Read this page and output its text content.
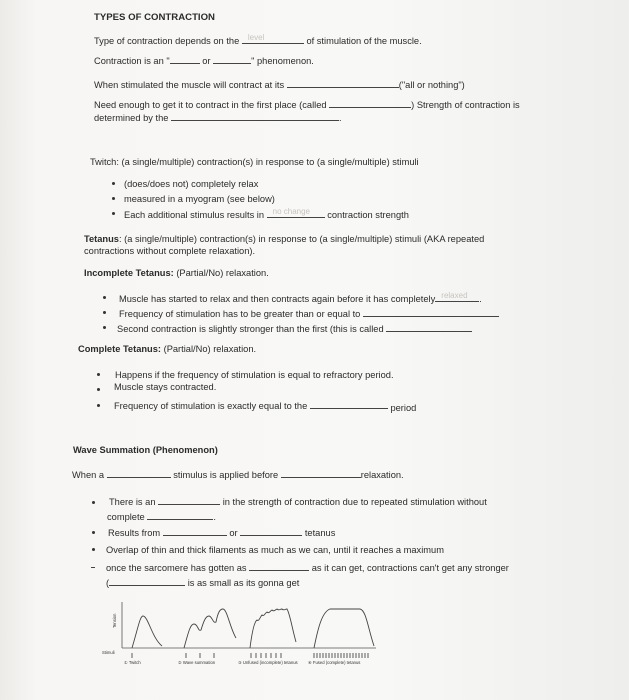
TYPES OF CONTRACTION
Type of contraction depends on the level	of stimulation of the muscle.
Contraction is an "	or	" phenomenon.
When stimulated the muscle will contract at its	("all or nothing")
Need enough to get it to contract in the first place (called	) Strength of contraction is
determined by the	.
Twitch: (a single/multiple) contraction(s) in response to (a single/multiple) stimuli
(does/does not) completely relax
measured in a myogram (see below)
Each additional stimulus results in no change contraction strength
Tetanus: (a single/multiple) contraction(s) in response to (a single/multiple) stimuli (AKA repeated
contractions without complete relaxation).
Incomplete Tetanus: (Partial/No) relaxation.
Muscle has started to relax and then contracts again before it has completely relaxed .
Frequency of stimulation has to be greater than or equal to
Second contraction is slightly stronger than the first (this is called
Complete Tetanus: (Partial/No) relaxation.
Happens if the frequency of stimulation is equal to refractory period.
Muscle stays contracted.
Frequency of stimulation is exactly equal to the	period
Wave Summation (Phenomenon)
When a	stimulus is applied before	relaxation.
There is an	in the strength of contraction due to repeated stimulation without
complete	.
Results from	or	tetanus
Overlap of thin and thick filaments as much as we can, until it reaches a maximum
once the sarcomere has gotten as	as it can get, contractions can't get any stronger
(	is as small as its gonna get
Tension
Stimuli
① Twitch	② Wave summation	③ Unfused (incomplete) tetanus	④ Fused (complete) tetanus
